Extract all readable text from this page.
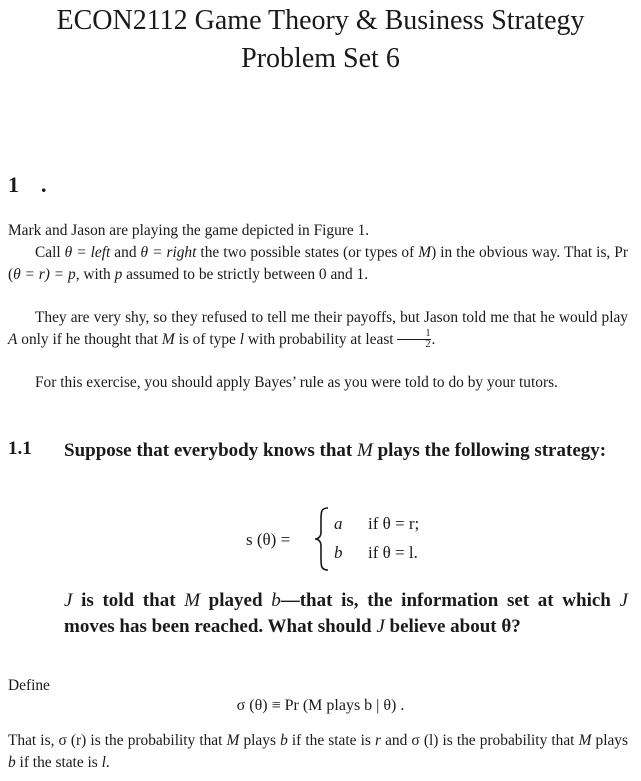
ECON2112 Game Theory & Business Strategy
Problem Set 6
1 .
Mark and Jason are playing the game depicted in Figure 1.
Call θ = left and θ = right the two possible states (or types of M) in the obvious way. That is, Pr (θ = r) = p, with p assumed to be strictly between 0 and 1.
They are very shy, so they refused to tell me their payoffs, but Jason told me that he would play A only if he thought that M is of type l with probability at least $\frac{1}{2}$ .
For this exercise, you should apply Bayes’ rule as you were told to do by your tutors.
1.1 Suppose that everybody knows that M plays the following strategy:
s (θ) =
a if θ = r;
b if θ = l.
J is told that M played b—that is, the information set at which J moves has been reached. What should J believe about θ?
Define
σ (θ) ≡ Pr (M plays b | θ) .
That is, σ (r) is the probability that M plays b if the state is r and σ (l) is the probability that M plays b if the state is l.
